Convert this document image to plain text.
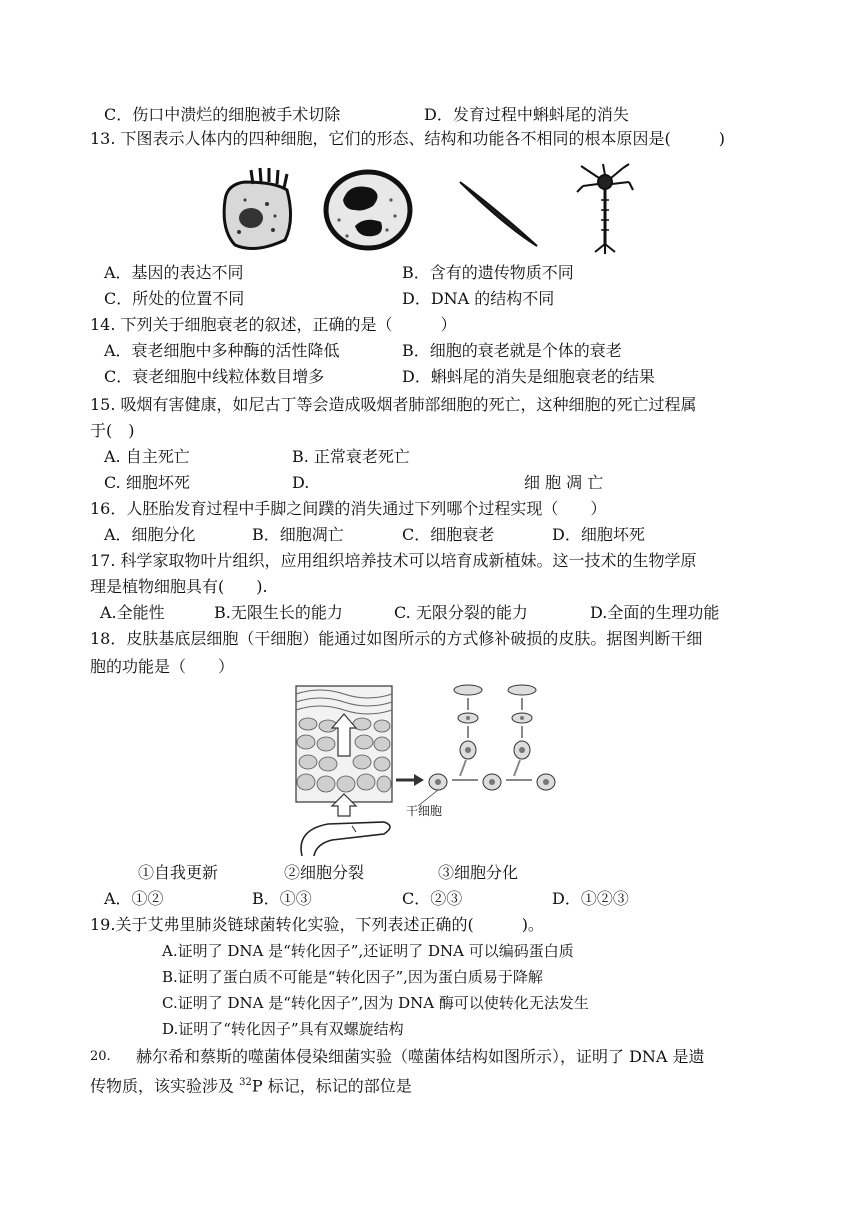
C．伤口中溃烂的细胞被手术切除	D．发育过程中蝌蚪尾的消失
13. 下图表示人体内的四种细胞，它们的形态、结构和功能各不相同的根本原因是(　　　)
A．基因的表达不同	B．含有的遗传物质不同
C．所处的位置不同	D．DNA 的结构不同
14. 下列关于细胞衰老的叙述，正确的是（　　　）
A．衰老细胞中多种酶的活性降低	B．细胞的衰老就是个体的衰老
C．衰老细胞中线粒体数目增多	D．蝌蚪尾的消失是细胞衰老的结果
15. 吸烟有害健康，如尼古丁等会造成吸烟者肺部细胞的死亡，这种细胞的死亡过程属
于(　)
A. 自主死亡	B. 正常衰老死亡
C. 细胞坏死	D.	细 胞 凋 亡
16．人胚胎发育过程中手脚之间蹼的消失通过下列哪个过程实现（　　）
A．细胞分化	B．细胞凋亡	C．细胞衰老	D．细胞坏死
17. 科学家取物叶片组织，应用组织培养技术可以培育成新植妹。这一技术的生物学原
理是植物细胞具有(　　).
A.全能性	B.无限生长的能力	C. 无限分裂的能力	D.全面的生理功能
18．皮肤基底层细胞（干细胞）能通过如图所示的方式修补破损的皮肤。据图判断干细
胞的功能是（　　）
干细胞
①自我更新	②细胞分裂	③细胞分化
A．①②	B．①③	C．②③	D．①②③
19.关于艾弗里肺炎链球菌转化实验，下列表述正确的(　　　)。
A.证明了 DNA 是“转化因子”,还证明了 DNA 可以编码蛋白质
B.证明了蛋白质不可能是“转化因子”,因为蛋白质易于降解
C.证明了 DNA 是“转化因子”,因为 DNA 酶可以使转化无法发生
D.证明了“转化因子”具有双螺旋结构
20. 赫尔希和蔡斯的噬菌体侵染细菌实验（噬菌体结构如图所示），证明了 DNA 是遗
传物质，该实验涉及 $^{32}$P 标记，标记的部位是
